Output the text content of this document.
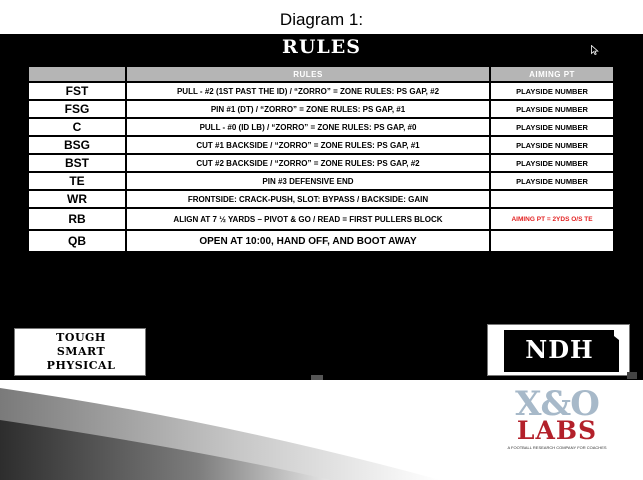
Diagram 1:
RULES
	RULES	AIMING PT
FST	PULL - #2 (1ST PAST THE ID) / “ZORRO” = ZONE RULES: PS GAP, #2	PLAYSIDE NUMBER
FSG	PIN #1 (DT) / “ZORRO” = ZONE RULES: PS GAP, #1	PLAYSIDE NUMBER
C	PULL - #0 (ID LB) / “ZORRO” = ZONE RULES: PS GAP, #0	PLAYSIDE NUMBER
BSG	CUT #1 BACKSIDE / “ZORRO” = ZONE RULES: PS GAP, #1	PLAYSIDE NUMBER
BST	CUT #2 BACKSIDE / “ZORRO” = ZONE RULES: PS GAP, #2	PLAYSIDE NUMBER
TE	PIN #3 DEFENSIVE END	PLAYSIDE NUMBER
WR	FRONTSIDE: CRACK-PUSH, SLOT: BYPASS / BACKSIDE: GAIN	
RB	ALIGN AT 7 ½ YARDS – PIVOT & GO / READ = FIRST PULLERS BLOCK	AIMING PT = 2YDS O/S TE
QB	OPEN AT 10:00, HAND OFF, AND BOOT AWAY	
TOUGH
SMART
PHYSICAL
NDH
X&O
LABS
A FOOTBALL RESEARCH COMPANY FOR COACHES
